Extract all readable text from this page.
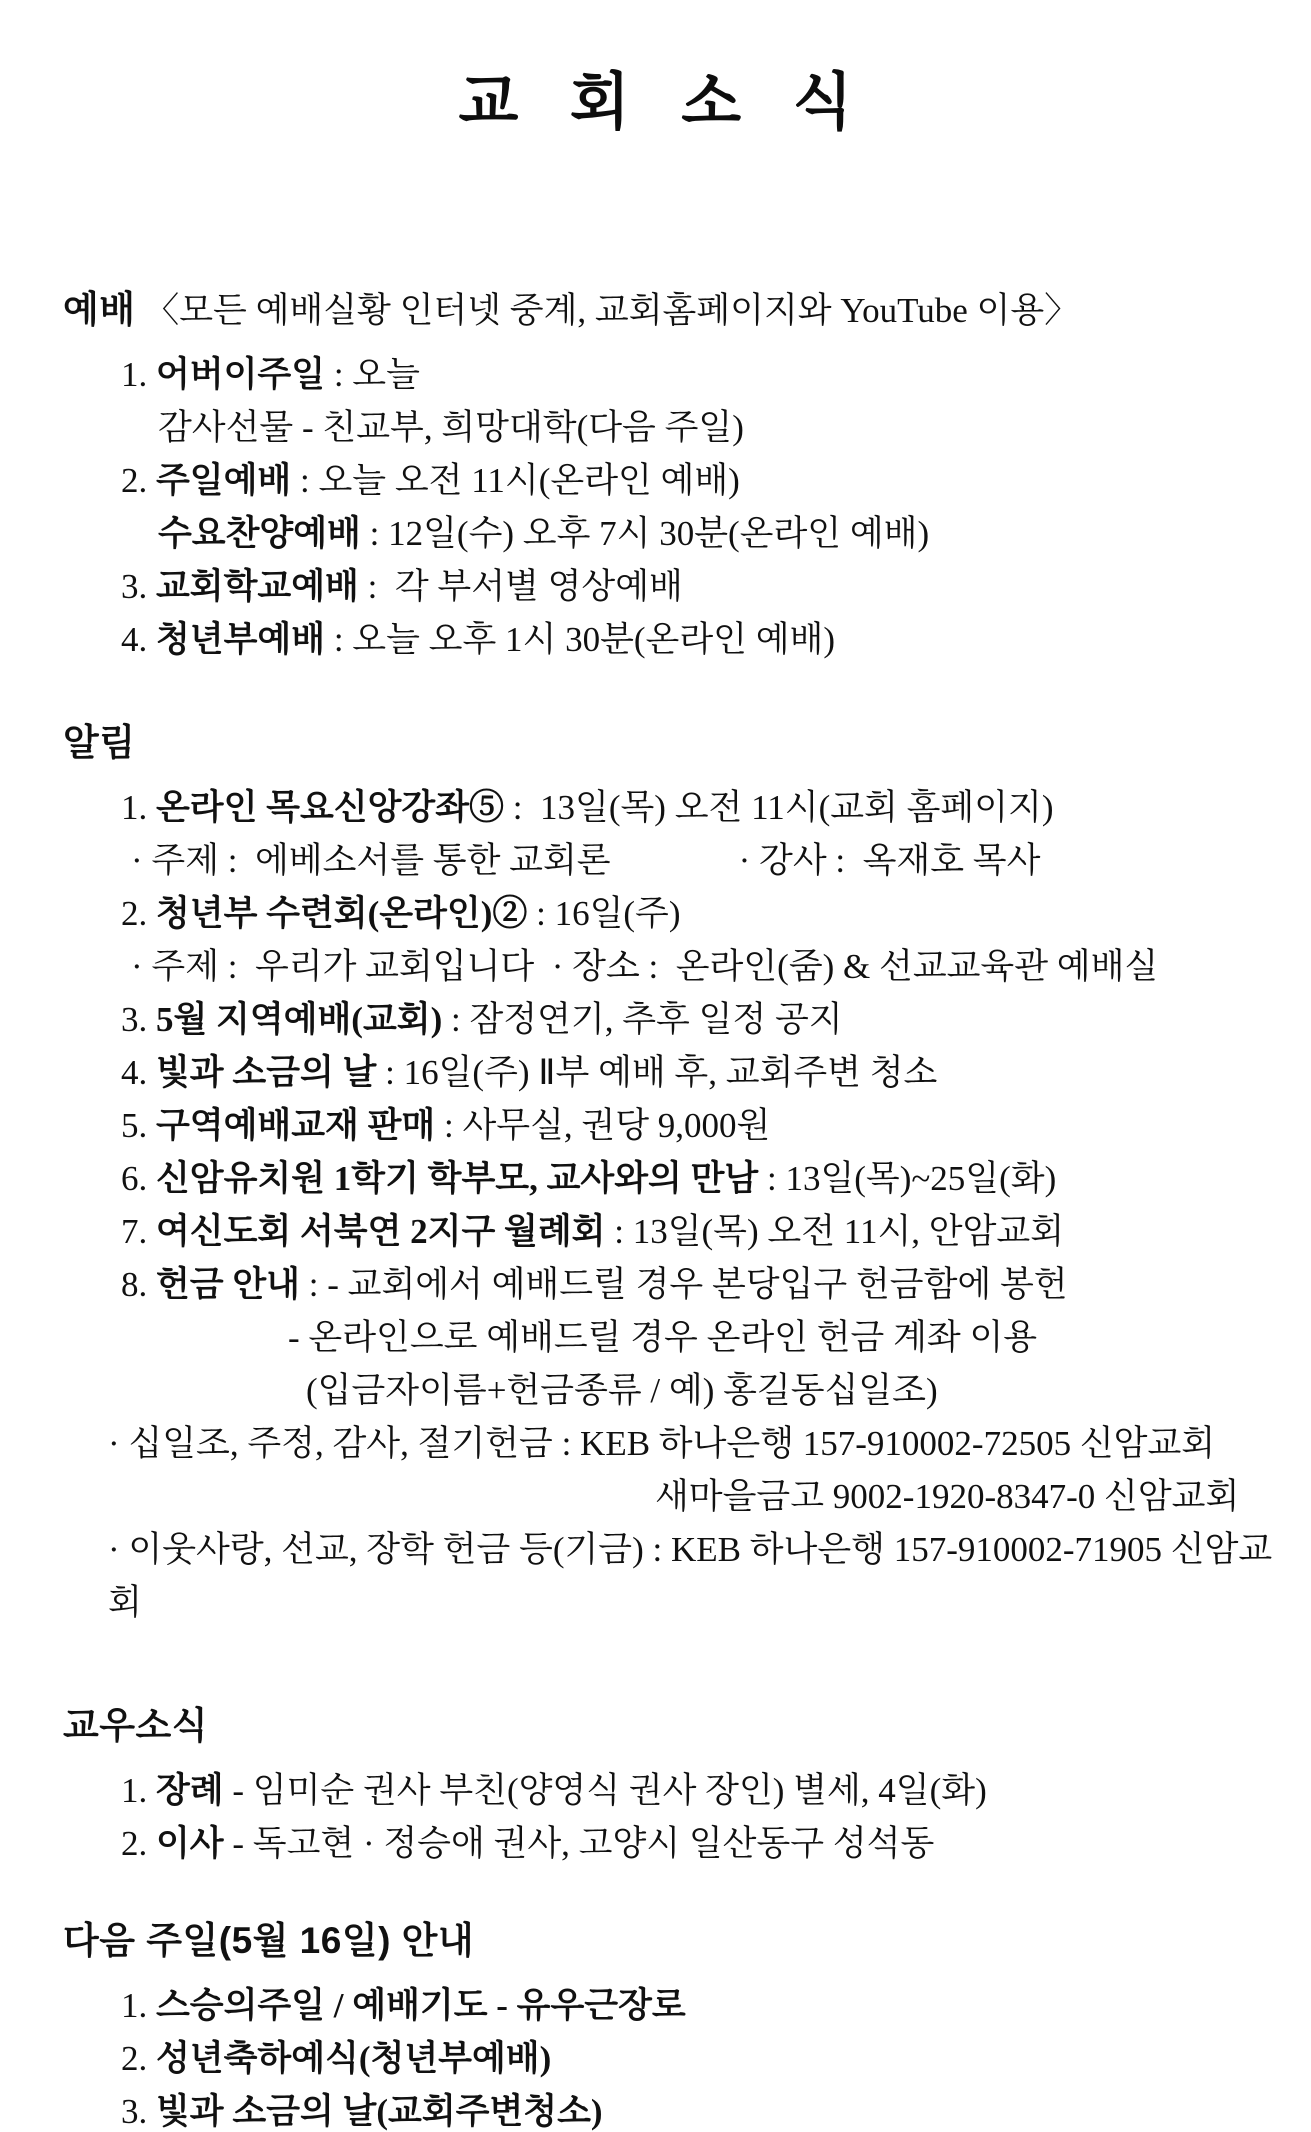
교 회 소 식
예배 〈모든 예배실황 인터넷 중계, 교회홈페이지와 YouTube 이용〉
1. 어버이주일 : 오늘
감사선물 - 친교부, 희망대학(다음 주일)
2. 주일예배 : 오늘 오전 11시(온라인 예배)
수요찬양예배 : 12일(수) 오후 7시 30분(온라인 예배)
3. 교회학교예배 :  각 부서별 영상예배
4. 청년부예배 : 오늘 오후 1시 30분(온라인 예배)
알림
1. 온라인 목요신앙강좌⑤ :  13일(목) 오전 11시(교회 홈페이지)
· 주제 :  에베소서를 통한 교회론	· 강사 :  옥재호 목사
2. 청년부 수련회(온라인)② : 16일(주)
· 주제 :  우리가 교회입니다  · 장소 :  온라인(줌) & 선교교육관 예배실
3. 5월 지역예배(교회) : 잠정연기, 추후 일정 공지
4. 빛과 소금의 날 : 16일(주) Ⅱ부 예배 후, 교회주변 청소
5. 구역예배교재 판매 : 사무실, 권당 9,000원
6. 신암유치원 1학기 학부모, 교사와의 만남 : 13일(목)~25일(화)
7. 여신도회 서북연 2지구 월례회 : 13일(목) 오전 11시, 안암교회
8. 헌금 안내 : - 교회에서 예배드릴 경우 본당입구 헌금함에 봉헌
- 온라인으로 예배드릴 경우 온라인 헌금 계좌 이용
(입금자이름+헌금종류 / 예) 홍길동십일조)
· 십일조, 주정, 감사, 절기헌금 : KEB 하나은행 157-910002-72505 신암교회
새마을금고 9002-1920-8347-0 신암교회
· 이웃사랑, 선교, 장학 헌금 등(기금) : KEB 하나은행 157-910002-71905 신암교회
교우소식
1. 장례 - 임미순 권사 부친(양영식 권사 장인) 별세, 4일(화)
2. 이사 - 독고현 · 정승애 권사, 고양시 일산동구 성석동
다음 주일(5월 16일) 안내
1. 스승의주일 / 예배기도 - 유우근장로
2. 성년축하예식(청년부예배)
3. 빛과 소금의 날(교회주변청소)
